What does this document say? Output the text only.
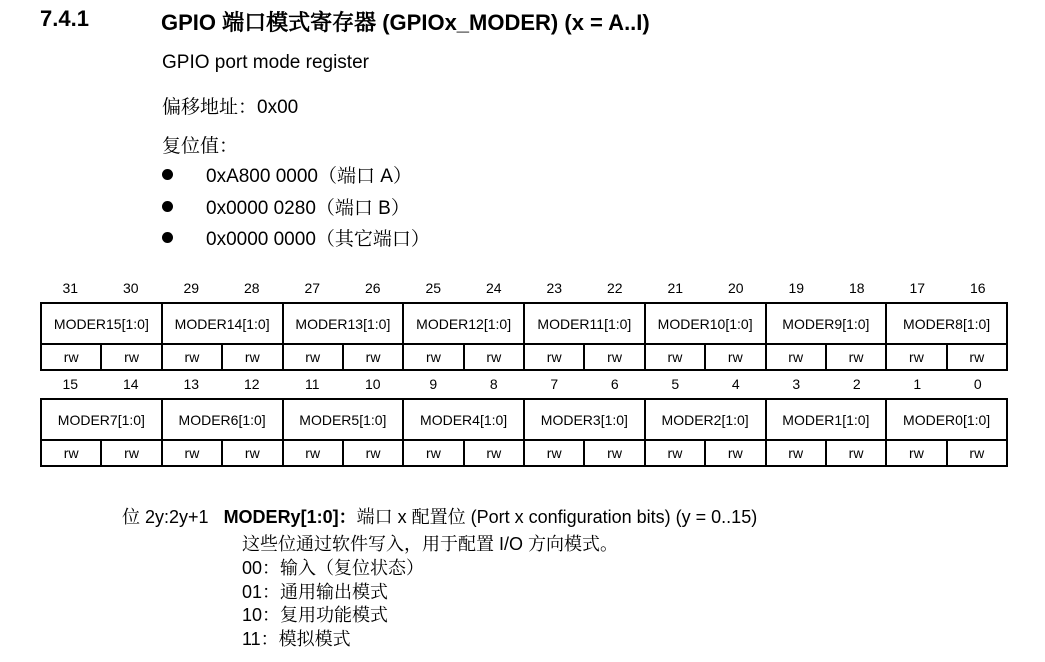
7.4.1	GPIO 端口模式寄存器 (GPIOx_MODER) (x = A..I)
GPIO port mode register
偏移地址：0x00
复位值：
0xA800 0000（端口 A）
0x0000 0280（端口 B）
0x0000 0000（其它端口）
31	30	29	28	27	26	25	24	23	22	21	20	19	18	17	16
MODER15[1:0]		MODER14[1:0]		MODER13[1:0]		MODER12[1:0]		MODER11[1:0]		MODER10[1:0]		MODER9[1:0]		MODER8[1:0]	
rw	rw	rw	rw	rw	rw	rw	rw	rw	rw	rw	rw	rw	rw	rw	rw
15	14	13	12	11	10	9	8	7	6	5	4	3	2	1	0
MODER7[1:0]		MODER6[1:0]		MODER5[1:0]		MODER4[1:0]		MODER3[1:0]		MODER2[1:0]		MODER1[1:0]		MODER0[1:0]	
rw	rw	rw	rw	rw	rw	rw	rw	rw	rw	rw	rw	rw	rw	rw	rw
位 2y:2y+1 MODERy[1:0]：端口 x 配置位 (Port x configuration bits) (y = 0..15)
这些位通过软件写入，用于配置 I/O 方向模式。
00：输入（复位状态）
01：通用输出模式
10：复用功能模式
11：模拟模式
